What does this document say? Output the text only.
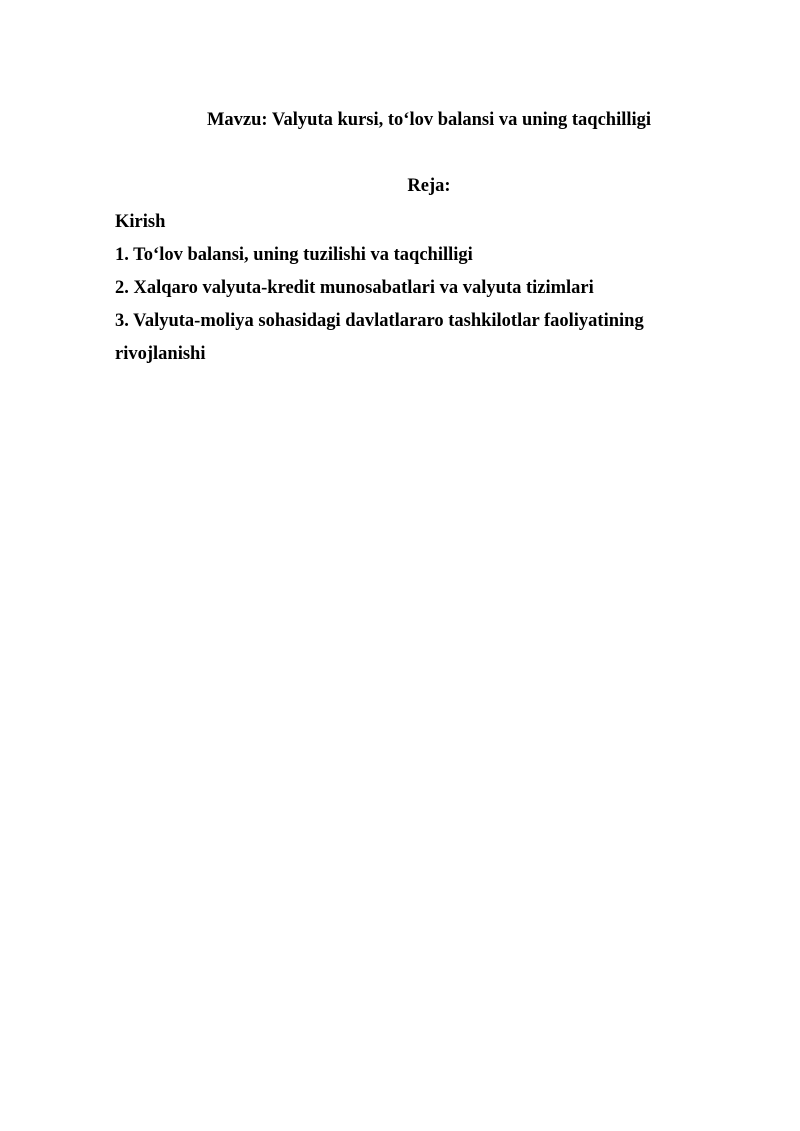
Mavzu: Valyuta kursi, to‘lov balansi va uning taqchilligi
Reja:
Kirish
1. To‘lov balansi, uning tuzilishi va taqchilligi
2. Xalqaro valyuta-kredit munosabatlari va valyuta tizimlari
3. Valyuta-moliya sohasidagi davlatlararo tashkilotlar faoliyatining rivojlanishi
